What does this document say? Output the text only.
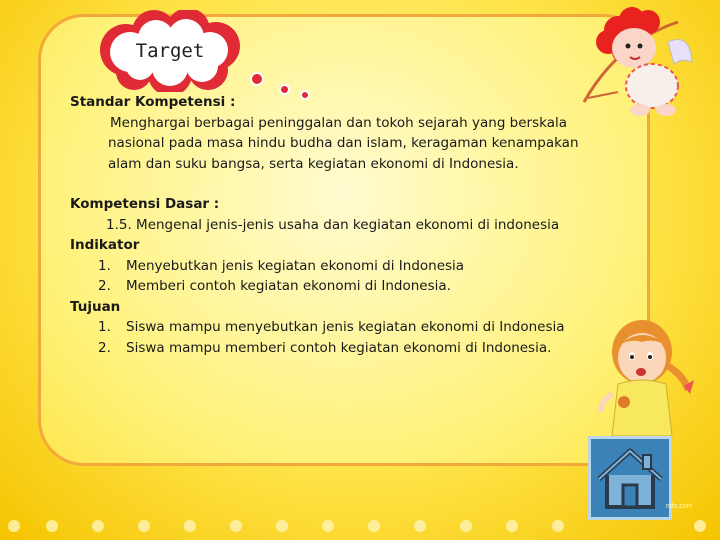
Target
Standar Kompetensi :
Menghargai berbagai peninggalan dan tokoh sejarah yang berskala
nasional pada masa hindu budha dan islam, keragaman kenampakan
alam dan suku bangsa, serta kegiatan ekonomi di Indonesia.
Kompetensi Dasar :
1.5. Mengenal jenis-jenis usaha dan kegiatan ekonomi di indonesia
Indikator
1.	Menyebutkan jenis kegiatan ekonomi di Indonesia
2.	Memberi contoh kegiatan ekonomi di Indonesia.
Tujuan
1.	Siswa mampu menyebutkan jenis kegiatan ekonomi di Indonesia
2.	Siswa mampu memberi contoh kegiatan ekonomi di Indonesia.
nds.com
